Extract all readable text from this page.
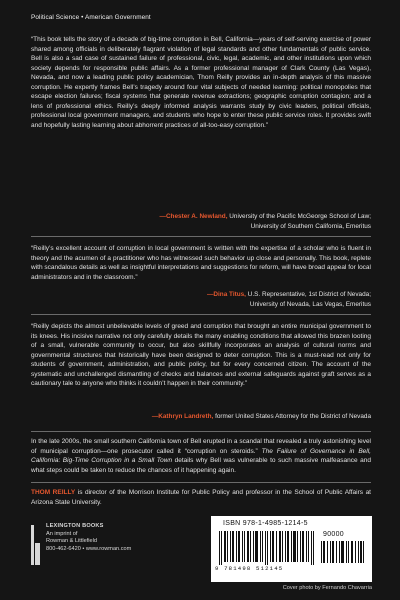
Political Science • American Government

“This book tells the story of a decade of big-time corruption in Bell, California—years of self-serving exercise of power shared among officials in deliberately flagrant violation of legal standards and other fundamentals of public service. Bell is also a sad case of sustained failure of professional, civic, legal, academic, and other institutions upon which society depends for responsible public affairs. As a former professional manager of Clark County (Las Vegas), Nevada, and now a leading public policy academician, Thom Reilly provides an in-depth analysis of this massive corruption. He expertly frames Bell’s tragedy around four vital subjects of needed learning: political monopolies that escape election failures; fiscal systems that generate revenue extractions; geographic corruption contagion; and a lens of professional ethics. Reilly’s deeply informed analysis warrants study by civic leaders, political officials, professional local government managers, and students who hope to enter these public service roles. It provides swift and hopefully lasting learning about abhorrent practices of all-too-easy corruption.”

—Chester A. Newland, University of the Pacific McGeorge School of Law;
University of Southern California, Emeritus

“Reilly’s excellent account of corruption in local government is written with the expertise of a scholar who is fluent in theory and the acumen of a practitioner who has witnessed such behavior up close and personally. This book, replete with scandalous details as well as insightful interpretations and suggestions for reform, will have broad appeal for local administrators and in the classroom.”

—Dina Titus, U.S. Representative, 1st District of Nevada;
University of Nevada, Las Vegas, Emeritus

“Reilly depicts the almost unbelievable levels of greed and corruption that brought an entire municipal government to its knees. His incisive narrative not only carefully details the many enabling conditions that allowed this brazen looting of a small, vulnerable community to occur, but also skillfully incorporates an analysis of cultural norms and governmental structures that historically have been designed to deter corruption. This is a must-read not only for students of government, administration, and public policy, but for every concerned citizen. The account of the systematic and unchallenged dismantling of checks and balances and external safeguards against graft serves as a cautionary tale to anyone who thinks it couldn’t happen in their community.”

—Kathryn Landreth, former United States Attorney for the District of Nevada

In the late 2000s, the small southern California town of Bell erupted in a scandal that revealed a truly astonishing level of municipal corruption—one prosecutor called it “corruption on steroids.” The Failure of Governance in Bell, California: Big-Time Corruption in a Small Town details why Bell was vulnerable to such massive malfeasance and what steps could be taken to reduce the chances of it happening again.

THOM REILLY is director of the Morrison Institute for Public Policy and professor in the School of Public Affairs at Arizona State University.

LEXINGTON BOOKS
An imprint of
Rowman & Littlefield
800-462-6420 • www.rowman.com
ISBN 978-1-4985-1214-5
90000
9 781498 512145
Cover photo by Fernando Chavarria
